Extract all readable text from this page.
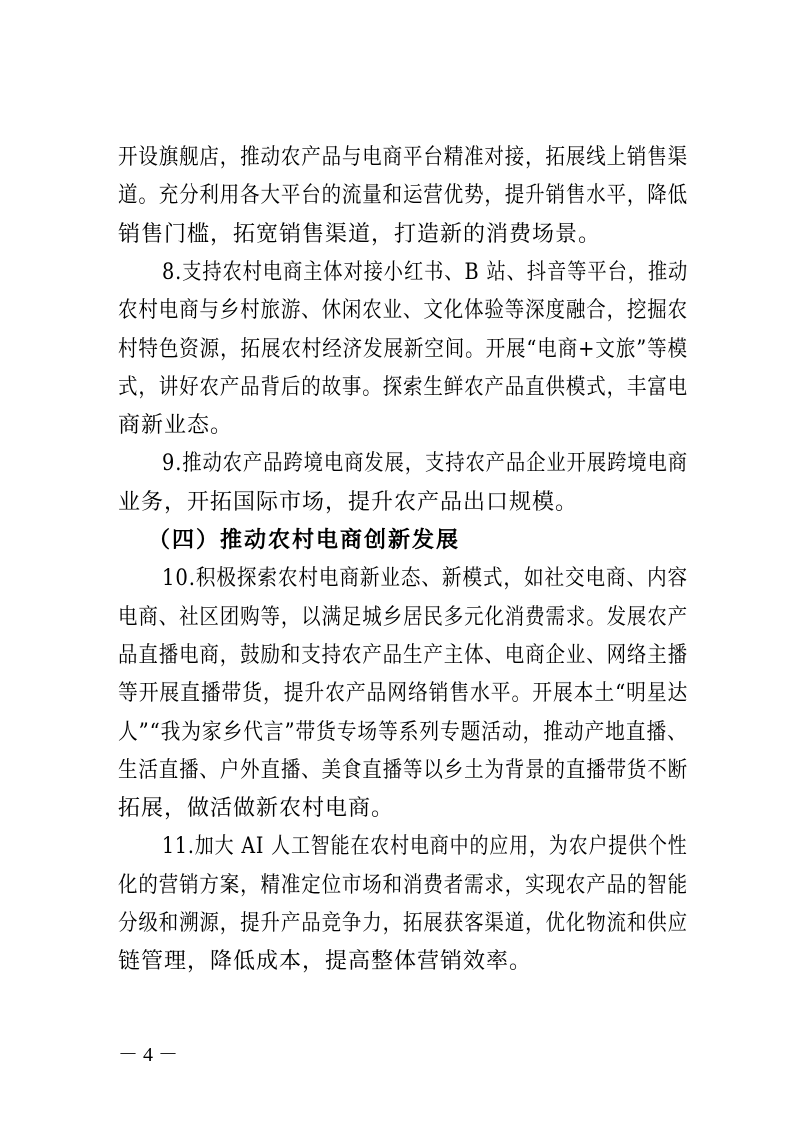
开设旗舰店，推动农产品与电商平台精准对接，拓展线上销售渠
道。充分利用各大平台的流量和运营优势，提升销售水平，降低
销售门槛，拓宽销售渠道，打造新的消费场景。
8.支持农村电商主体对接小红书、B 站、抖音等平台，推动
农村电商与乡村旅游、休闲农业、文化体验等深度融合，挖掘农
村特色资源，拓展农村经济发展新空间。开展“电商+文旅”等模
式，讲好农产品背后的故事。探索生鲜农产品直供模式，丰富电
商新业态。
9.推动农产品跨境电商发展，支持农产品企业开展跨境电商
业务，开拓国际市场，提升农产品出口规模。
（四）推动农村电商创新发展
10.积极探索农村电商新业态、新模式，如社交电商、内容
电商、社区团购等，以满足城乡居民多元化消费需求。发展农产
品直播电商，鼓励和支持农产品生产主体、电商企业、网络主播
等开展直播带货，提升农产品网络销售水平。开展本土“明星达
人”“我为家乡代言”带货专场等系列专题活动，推动产地直播、
生活直播、户外直播、美食直播等以乡土为背景的直播带货不断
拓展，做活做新农村电商。
11.加大 AI 人工智能在农村电商中的应用，为农户提供个性
化的营销方案，精准定位市场和消费者需求，实现农产品的智能
分级和溯源，提升产品竞争力，拓展获客渠道，优化物流和供应
链管理，降低成本，提高整体营销效率。
－ 4 －
